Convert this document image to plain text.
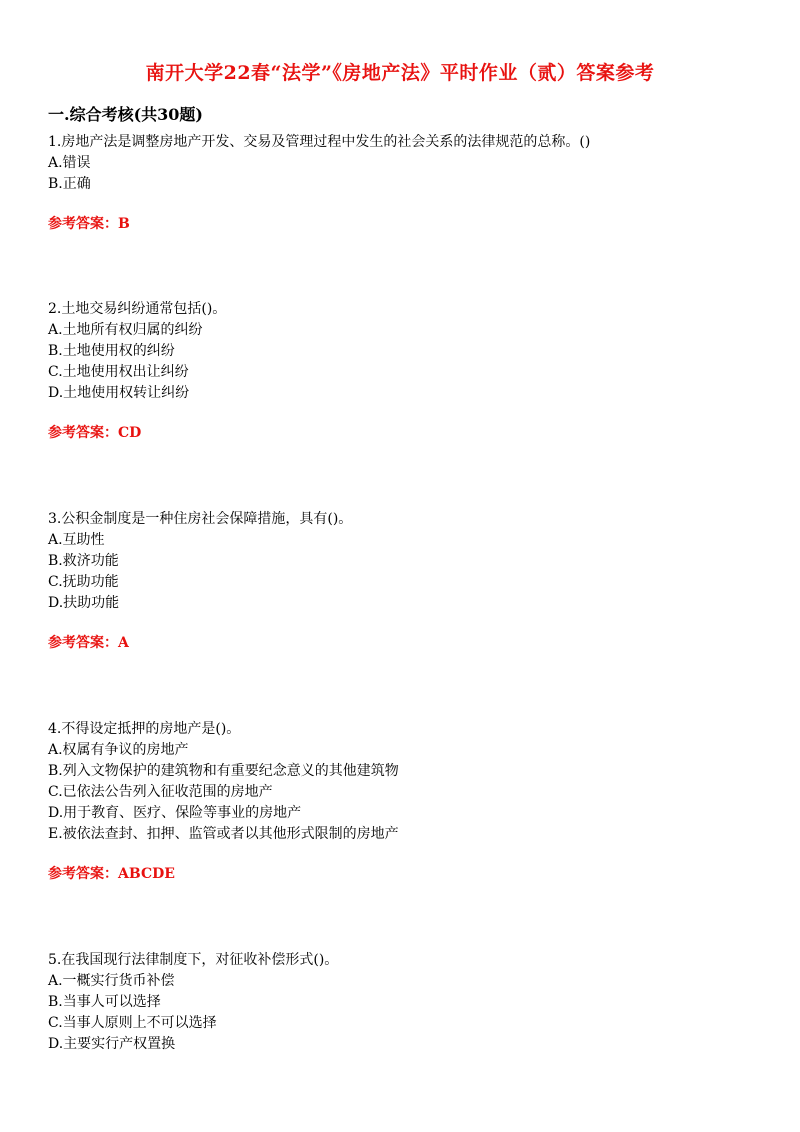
南开大学22春“法学”《房地产法》平时作业（贰）答案参考
一.综合考核(共30题)
1.房地产法是调整房地产开发、交易及管理过程中发生的社会关系的法律规范的总称。()
A.错误
B.正确
参考答案：B
2.土地交易纠纷通常包括()。
A.土地所有权归属的纠纷
B.土地使用权的纠纷
C.土地使用权出让纠纷
D.土地使用权转让纠纷
参考答案：CD
3.公积金制度是一种住房社会保障措施，具有()。
A.互助性
B.救济功能
C.抚助功能
D.扶助功能
参考答案：A
4.不得设定抵押的房地产是()。
A.权属有争议的房地产
B.列入文物保护的建筑物和有重要纪念意义的其他建筑物
C.已依法公告列入征收范围的房地产
D.用于教育、医疗、保险等事业的房地产
E.被依法查封、扣押、监管或者以其他形式限制的房地产
参考答案：ABCDE
5.在我国现行法律制度下，对征收补偿形式()。
A.一概实行货币补偿
B.当事人可以选择
C.当事人原则上不可以选择
D.主要实行产权置换
